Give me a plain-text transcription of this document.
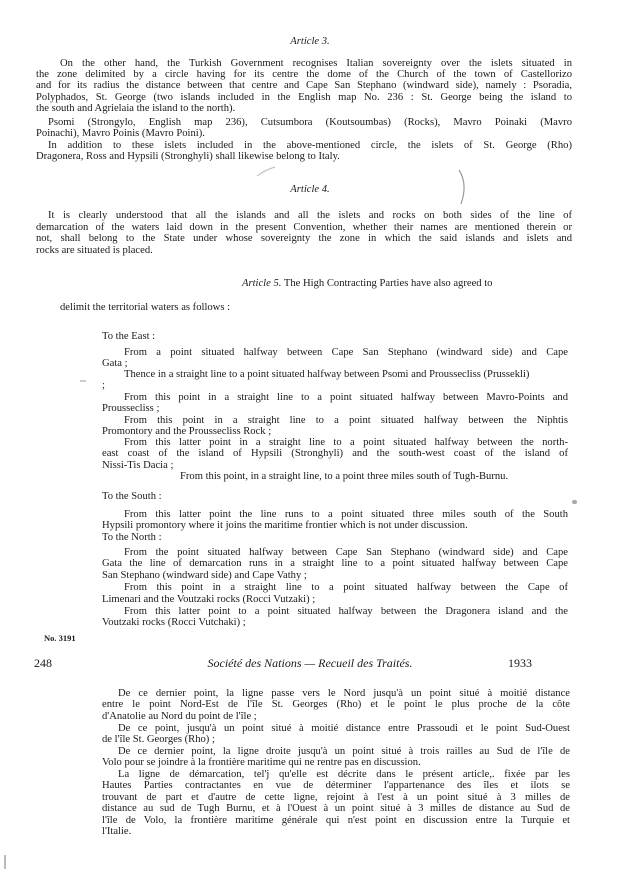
Article 3.
On the other hand, the Turkish Government recognises Italian sovereignty over the islets situated in
the zone delimited by a circle having for its centre the dome of the Church of the town of Castellorizo
and for its radius the distance between that centre and Cape San Stephano (windward side), namely : Psoradia,
Polyphados, St. George (two islands included in the English map No. 236 : St. George being the island to
the south and Agrielaia the island to the north).
Psomi (Strongylo, English map 236), Cutsumbora (Koutsoumbas) (Rocks), Mavro Poinaki (Mavro
Poinachi), Mavro Poinis (Mavro Poini).
In addition to these islets included in the above-mentioned circle, the islets of St. George (Rho)
Dragonera, Ross and Hypsili (Stronghyli) shall likewise belong to Italy.
Article 4.
It is clearly understood that all the islands and all the islets and rocks on both sides of the line of
demarcation of the waters laid down in the present Convention, whether their names are mentioned therein or
not, shall belong to the State under whose sovereignty the zone in which the said islands and islets and
rocks are situated is placed.
Article 5. The High Contracting Parties have also agreed to
delimit the territorial waters as follows :
To the East :
From a point situated halfway between Cape San Stephano (windward side) and Cape
Gata ;
Thence in a straight line to a point situated halfway between Psomi and Prousseсliss (Prussekli)
;
From this point in a straight line to a point situated halfway between Mavro-Points and
Prousseсliss ;
From this point in a straight line to a point situated halfway between the Niphtis
Promontory and the Prousseсliss Rock ;
From this latter point in a straight line to a point situated halfway between the north-
east coast of the island of Hypsili (Stronghyli) and the south-west coast of the island of
Nissi-Tis Dacia ;
From this point, in a straight line, to a point three miles south of Tugh-Burnu.
To the South :
From this latter point the line runs to a point situated three miles south of the South
Hypsili promontory where it joins the maritime frontier which is not under discussion.
To the North :
From the point situated halfway between Cape San Stephano (windward side) and Cape
Gata the line of demarcation runs in a straight line to a point situated halfway between Cape
San Stephano (windward side) and Cape Vathy ;
From this point in a straight line to a point situated halfway between the Cape of
Limenari and the Voutzaki rocks (Rocci Vutzaki) ;
From this latter point to a point situated halfway between the Dragonera island and the
Voutzaki rocks (Rocci Vutchaki) ;
No. 3191
248	Société des Nations — Recueil des Traités.	1933
De ce dernier point, la ligne passe vers le Nord jusqu'à un point situé à moitié distance
entre le point Nord-Est de l'île St. Georges (Rho) et le point le plus proche de la côte
d'Anatolie au Nord du point de l'île ;
De ce point, jusqu'à un point situé à moitié distance entre Prassoudi et le point Sud-Ouest
de l'île St. Georges (Rho) ;
De ce dernier point, la ligne droite jusqu'à un point situé à trois railles au Sud de l'île de
Volo pour se joindre à la frontière maritime qui ne rentre pas en discussion.
La ligne de démarcation, tel'j qu'elle est décrite dans le présent article,. fixée par les
Hautes Parties contractantes en vue de déterminer l'appartenance des îles et ilots se
trouvant de part et d'autre de cette ligne, rejoint à l'est à un point situé à 3 milles de
distance au sud de Tugh Burnu, et à l'Ouest à un point situé à 3 milles de distance au Sud de
l'île de Volo, la frontière maritime générale qui n'est point en discussion entre la Turquie et
l'Italie.
